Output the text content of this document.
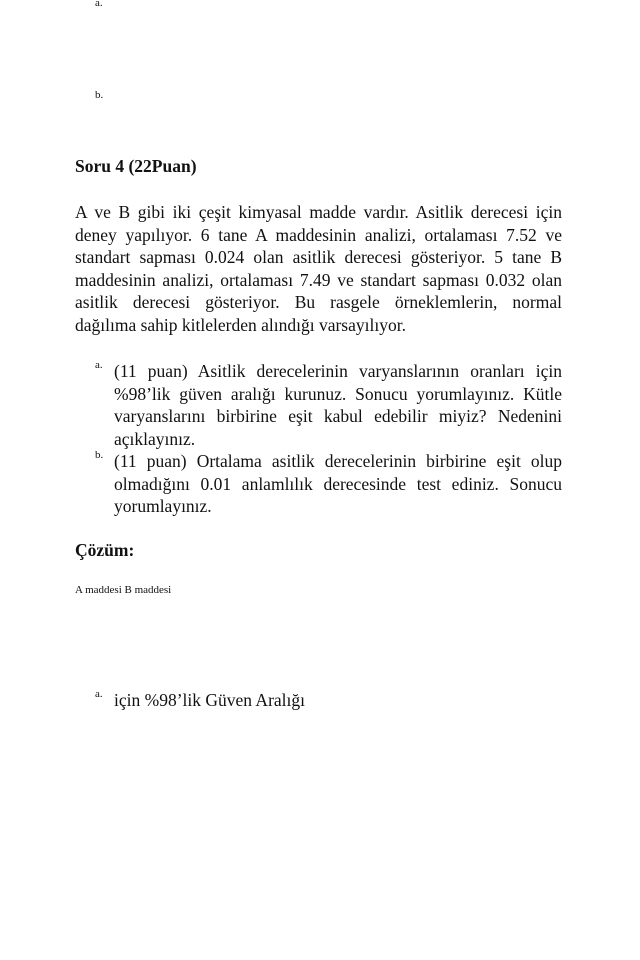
a.
b.
Soru 4 (22Puan)
A ve B gibi iki çeşit kimyasal madde vardır. Asitlik derecesi için deney yapılıyor. 6 tane A maddesinin analizi, ortalaması 7.52 ve standart sapması 0.024 olan asitlik derecesi gösteriyor. 5 tane B maddesinin analizi, ortalaması 7.49 ve standart sapması 0.032 olan asitlik derecesi gösteriyor. Bu rasgele örneklemlerin, normal dağılıma sahip kitlelerden alındığı varsayılıyor.
a. (11 puan) Asitlik derecelerinin varyanslarının oranları için %98’lik güven aralığı kurunuz. Sonucu yorumlayınız. Kütle varyanslarını birbirine eşit kabul edebilir miyiz? Nedenini açıklayınız.
b. (11 puan) Ortalama asitlik derecelerinin birbirine eşit olup olmadığını 0.01 anlamlılık derecesinde test ediniz. Sonucu yorumlayınız.
Çözüm:
A maddesi B maddesi
a. için %98’lik Güven Aralığı
